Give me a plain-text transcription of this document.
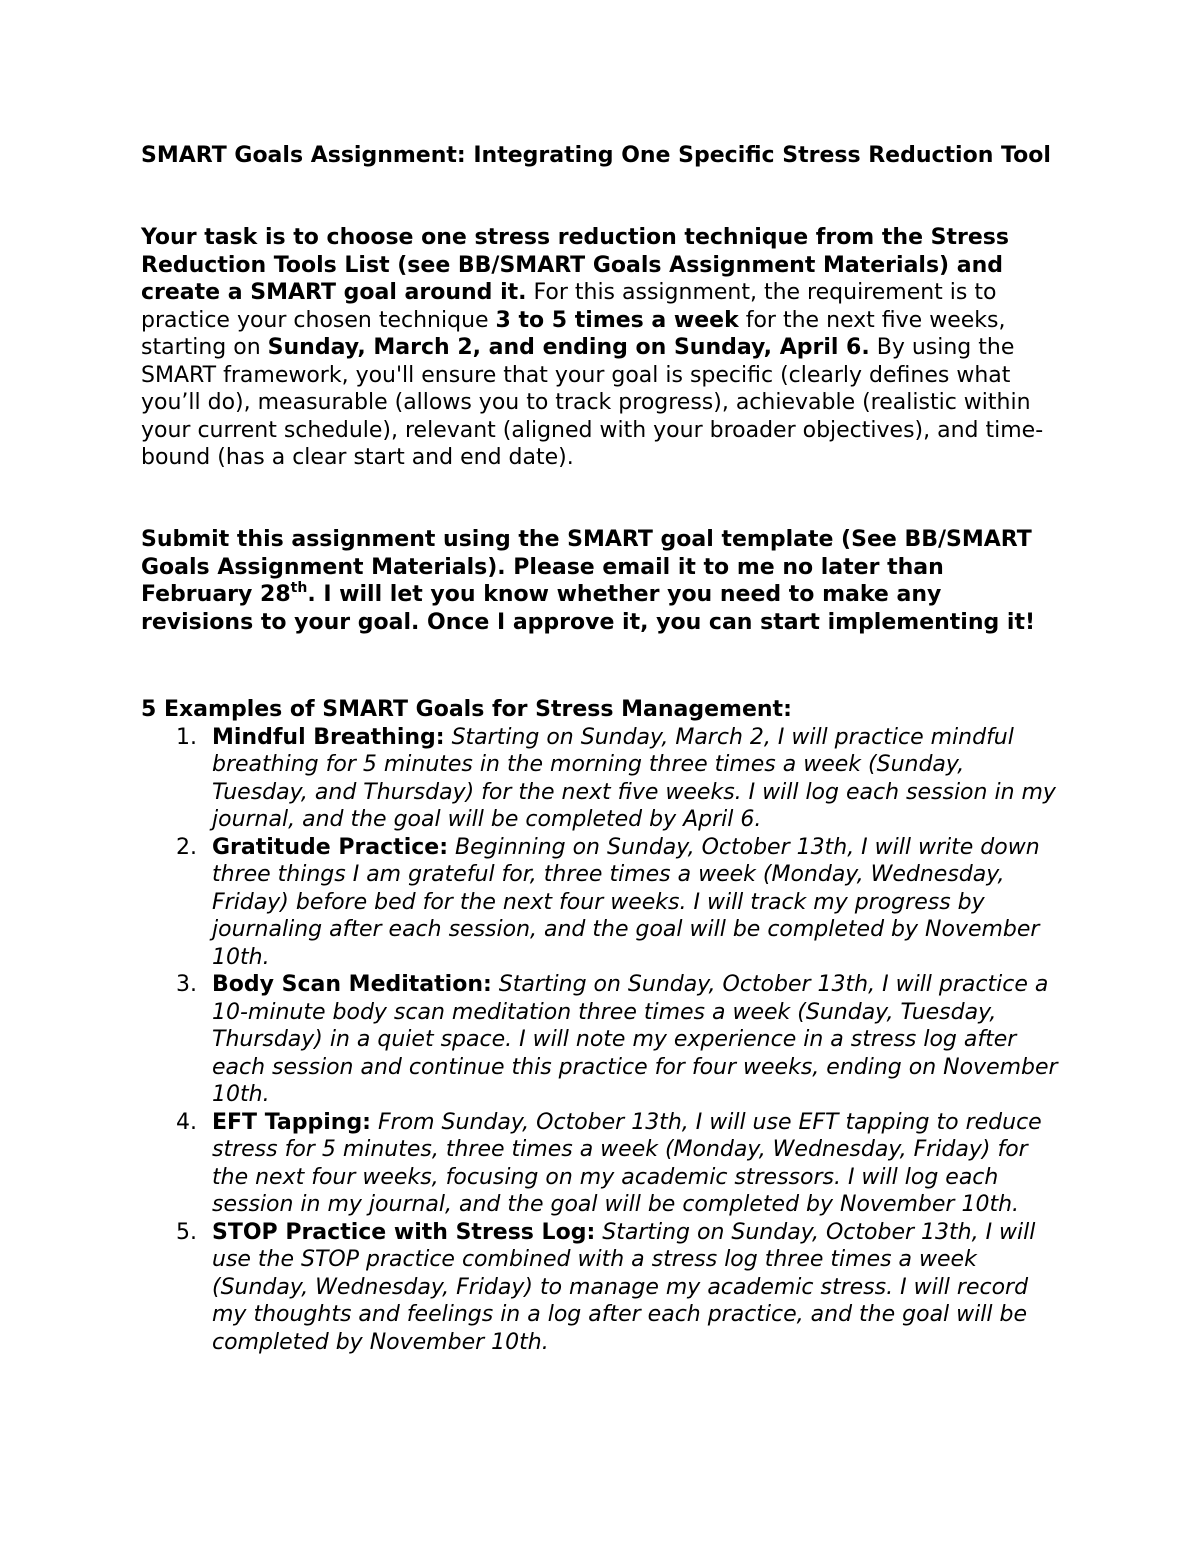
SMART Goals Assignment: Integrating One Specific Stress Reduction Tool

Your task is to choose one stress reduction technique from the Stress Reduction Tools List (see BB/SMART Goals Assignment Materials) and create a SMART goal around it. For this assignment, the requirement is to practice your chosen technique 3 to 5 times a week for the next five weeks, starting on Sunday, March 2, and ending on Sunday, April 6. By using the SMART framework, you'll ensure that your goal is specific (clearly defines what you’ll do), measurable (allows you to track progress), achievable (realistic within your current schedule), relevant (aligned with your broader objectives), and time-bound (has a clear start and end date).

Submit this assignment using the SMART goal template (See BB/SMART Goals Assignment Materials). Please email it to me no later than February 28th. I will let you know whether you need to make any revisions to your goal. Once I approve it, you can start implementing it!

5 Examples of SMART Goals for Stress Management:
1. Mindful Breathing: Starting on Sunday, March 2, I will practice mindful breathing for 5 minutes in the morning three times a week (Sunday, Tuesday, and Thursday) for the next five weeks. I will log each session in my journal, and the goal will be completed by April 6.
2. Gratitude Practice: Beginning on Sunday, October 13th, I will write down three things I am grateful for, three times a week (Monday, Wednesday, Friday) before bed for the next four weeks. I will track my progress by journaling after each session, and the goal will be completed by November 10th.
3. Body Scan Meditation: Starting on Sunday, October 13th, I will practice a 10-minute body scan meditation three times a week (Sunday, Tuesday, Thursday) in a quiet space. I will note my experience in a stress log after each session and continue this practice for four weeks, ending on November 10th.
4. EFT Tapping: From Sunday, October 13th, I will use EFT tapping to reduce stress for 5 minutes, three times a week (Monday, Wednesday, Friday) for the next four weeks, focusing on my academic stressors. I will log each session in my journal, and the goal will be completed by November 10th.
5. STOP Practice with Stress Log: Starting on Sunday, October 13th, I will use the STOP practice combined with a stress log three times a week (Sunday, Wednesday, Friday) to manage my academic stress. I will record my thoughts and feelings in a log after each practice, and the goal will be completed by November 10th.
